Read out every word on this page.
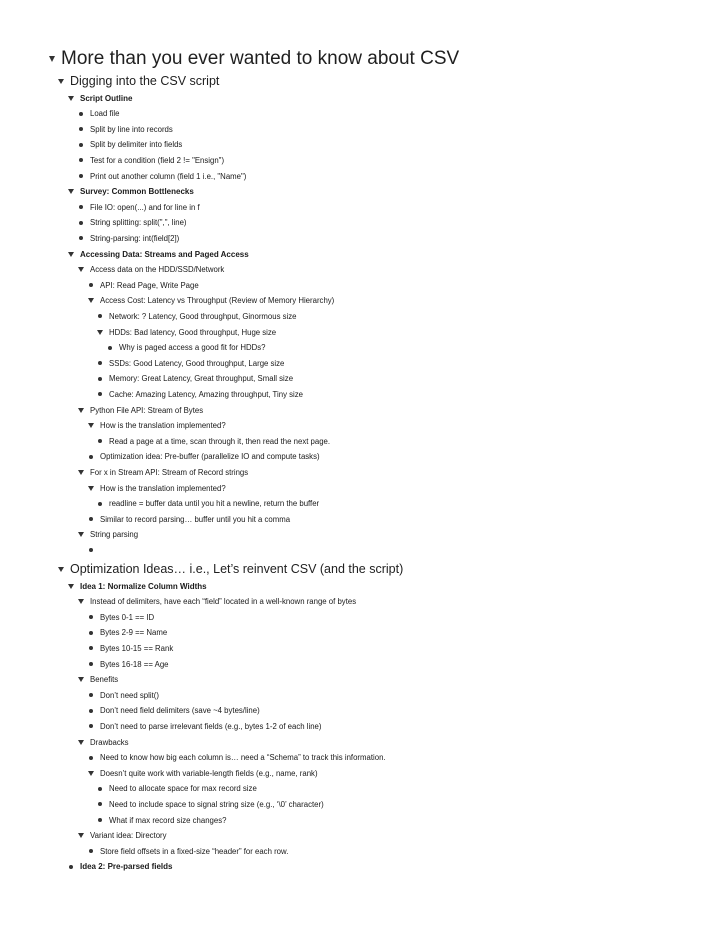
More than you ever wanted to know about CSV
Digging into the CSV script
Script Outline
Load file
Split by line into records
Split by delimiter into fields
Test for a condition (field 2 != "Ensign")
Print out another column (field 1 i.e., "Name")
Survey: Common Bottlenecks
File IO: open(...) and for line in f
String splitting: split(",", line)
String-parsing: int(field[2])
Accessing Data: Streams and Paged Access
Access data on the HDD/SSD/Network
API: Read Page, Write Page
Access Cost: Latency vs Throughput (Review of Memory Hierarchy)
Network: ? Latency, Good throughput, Ginormous size
HDDs: Bad latency, Good throughput, Huge size
Why is paged access a good fit for HDDs?
SSDs: Good Latency, Good throughput, Large size
Memory: Great Latency, Great throughput, Small size
Cache: Amazing Latency, Amazing throughput, Tiny size
Python File API: Stream of Bytes
How is the translation implemented?
Read a page at a time, scan through it, then read the next page.
Optimization idea: Pre-buffer (parallelize IO and compute tasks)
For x in Stream API: Stream of Record strings
How is the translation implemented?
readline = buffer data until you hit a newline, return the buffer
Similar to record parsing… buffer until you hit a comma
String parsing
Optimization Ideas… i.e., Let’s reinvent CSV (and the script)
Idea 1: Normalize Column Widths
Instead of delimiters, have each “field” located in a well-known range of bytes
Bytes 0-1 == ID
Bytes 2-9 == Name
Bytes 10-15 == Rank
Bytes 16-18 == Age
Benefits
Don’t need split()
Don’t need field delimiters (save ~4 bytes/line)
Don’t need to parse irrelevant fields (e.g., bytes 1-2 of each line)
Drawbacks
Need to know how big each column is… need a “Schema” to track this information.
Doesn’t quite work with variable-length fields (e.g., name, rank)
Need to allocate space for max record size
Need to include space to signal string size (e.g., ‘\0’ character)
What if max record size changes?
Variant idea: Directory
Store field offsets in a fixed-size “header” for each row.
Idea 2: Pre-parsed fields
